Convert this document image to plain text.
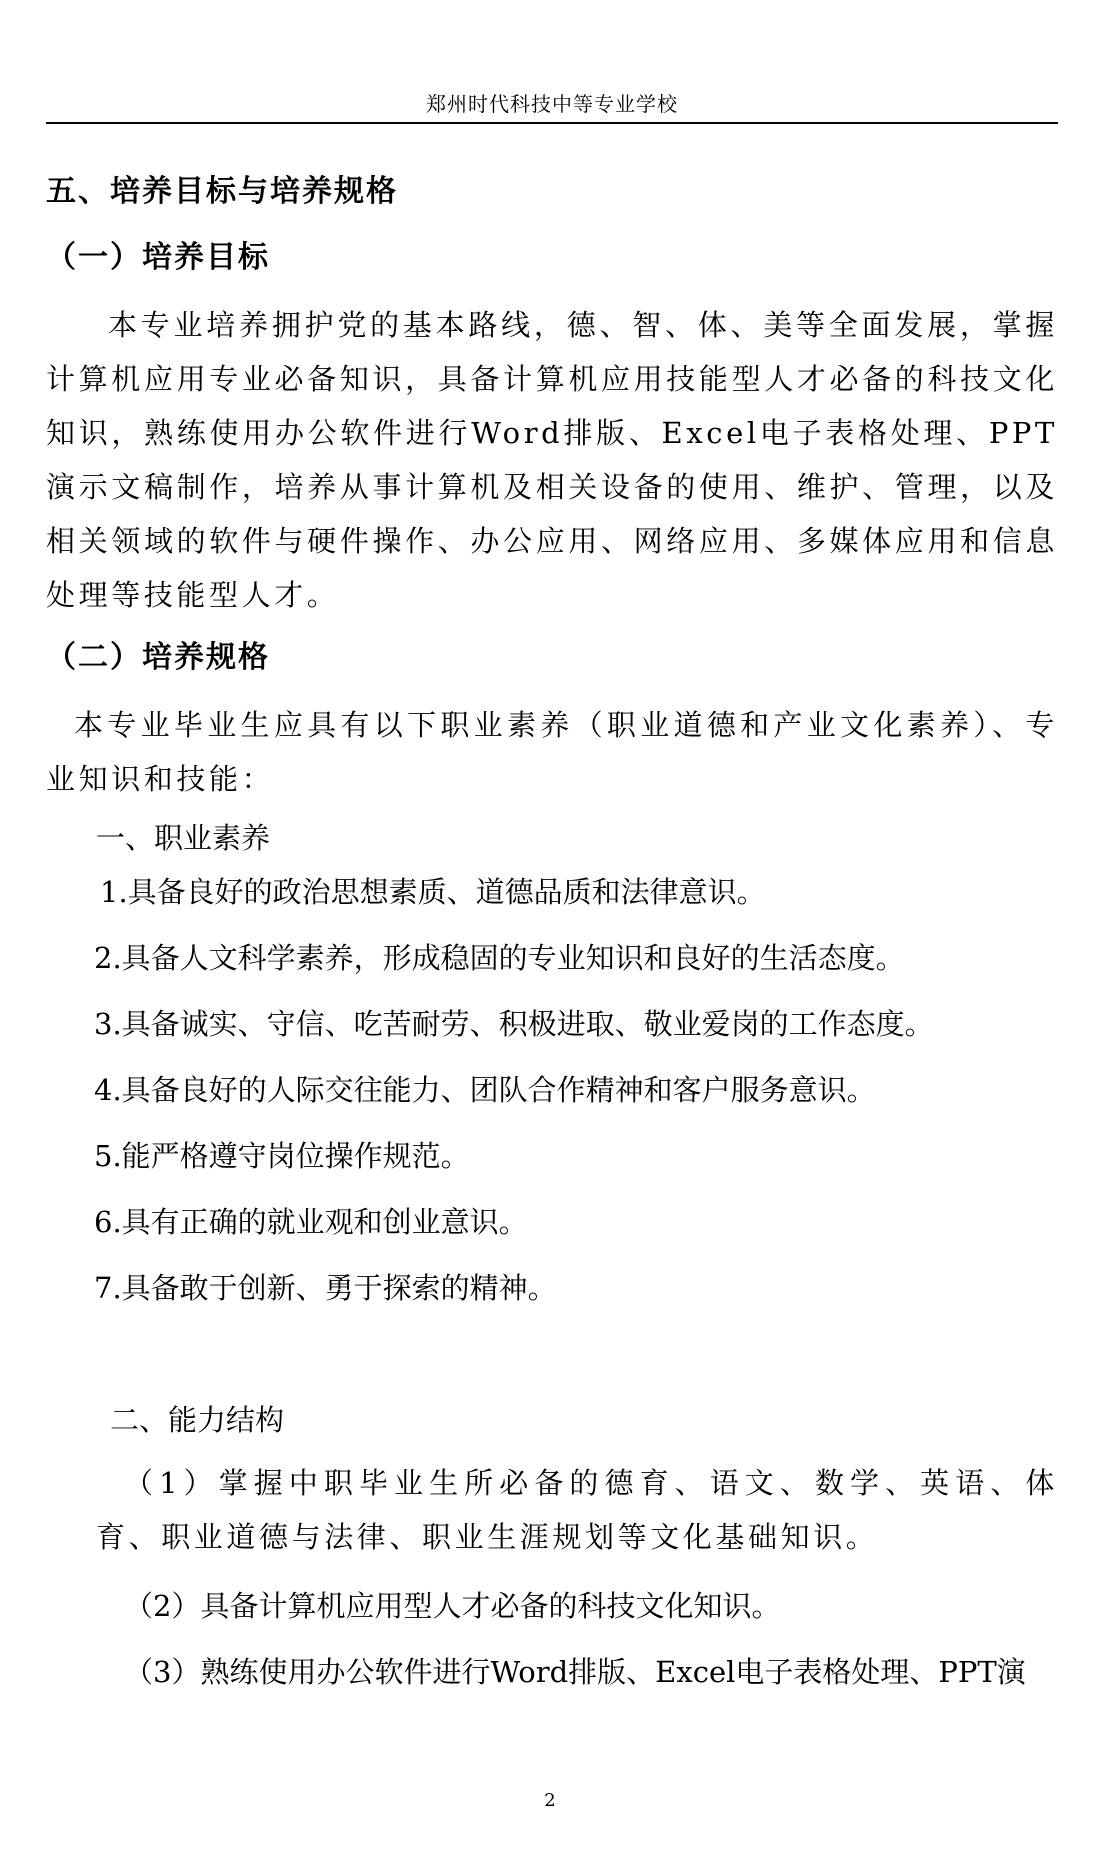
郑州时代科技中等专业学校
五、培养目标与培养规格
（一）培养目标

本专业培养拥护党的基本路线，德、智、体、美等全面发展，掌握计算机应用专业必备知识，具备计算机应用技能型人才必备的科技文化知识，熟练使用办公软件进行Word排版、Excel电子表格处理、PPT演示文稿制作，培养从事计算机及相关设备的使用、维护、管理，以及相关领域的软件与硬件操作、办公应用、网络应用、多媒体应用和信息处理等技能型人才。

（二）培养规格

本专业毕业生应具有以下职业素养（职业道德和产业文化素养）、专业知识和技能：

一、职业素养
1.具备良好的政治思想素质、道德品质和法律意识。
2.具备人文科学素养，形成稳固的专业知识和良好的生活态度。
3.具备诚实、守信、吃苦耐劳、积极进取、敬业爱岗的工作态度。
4.具备良好的人际交往能力、团队合作精神和客户服务意识。
5.能严格遵守岗位操作规范。
6.具有正确的就业观和创业意识。
7.具备敢于创新、勇于探索的精神。
二、能力结构

（1）掌握中职毕业生所必备的德育、语文、数学、英语、体育、职业道德与法律、职业生涯规划等文化基础知识。

（2）具备计算机应用型人才必备的科技文化知识。
（3）熟练使用办公软件进行Word排版、Excel电子表格处理、PPT演
2
